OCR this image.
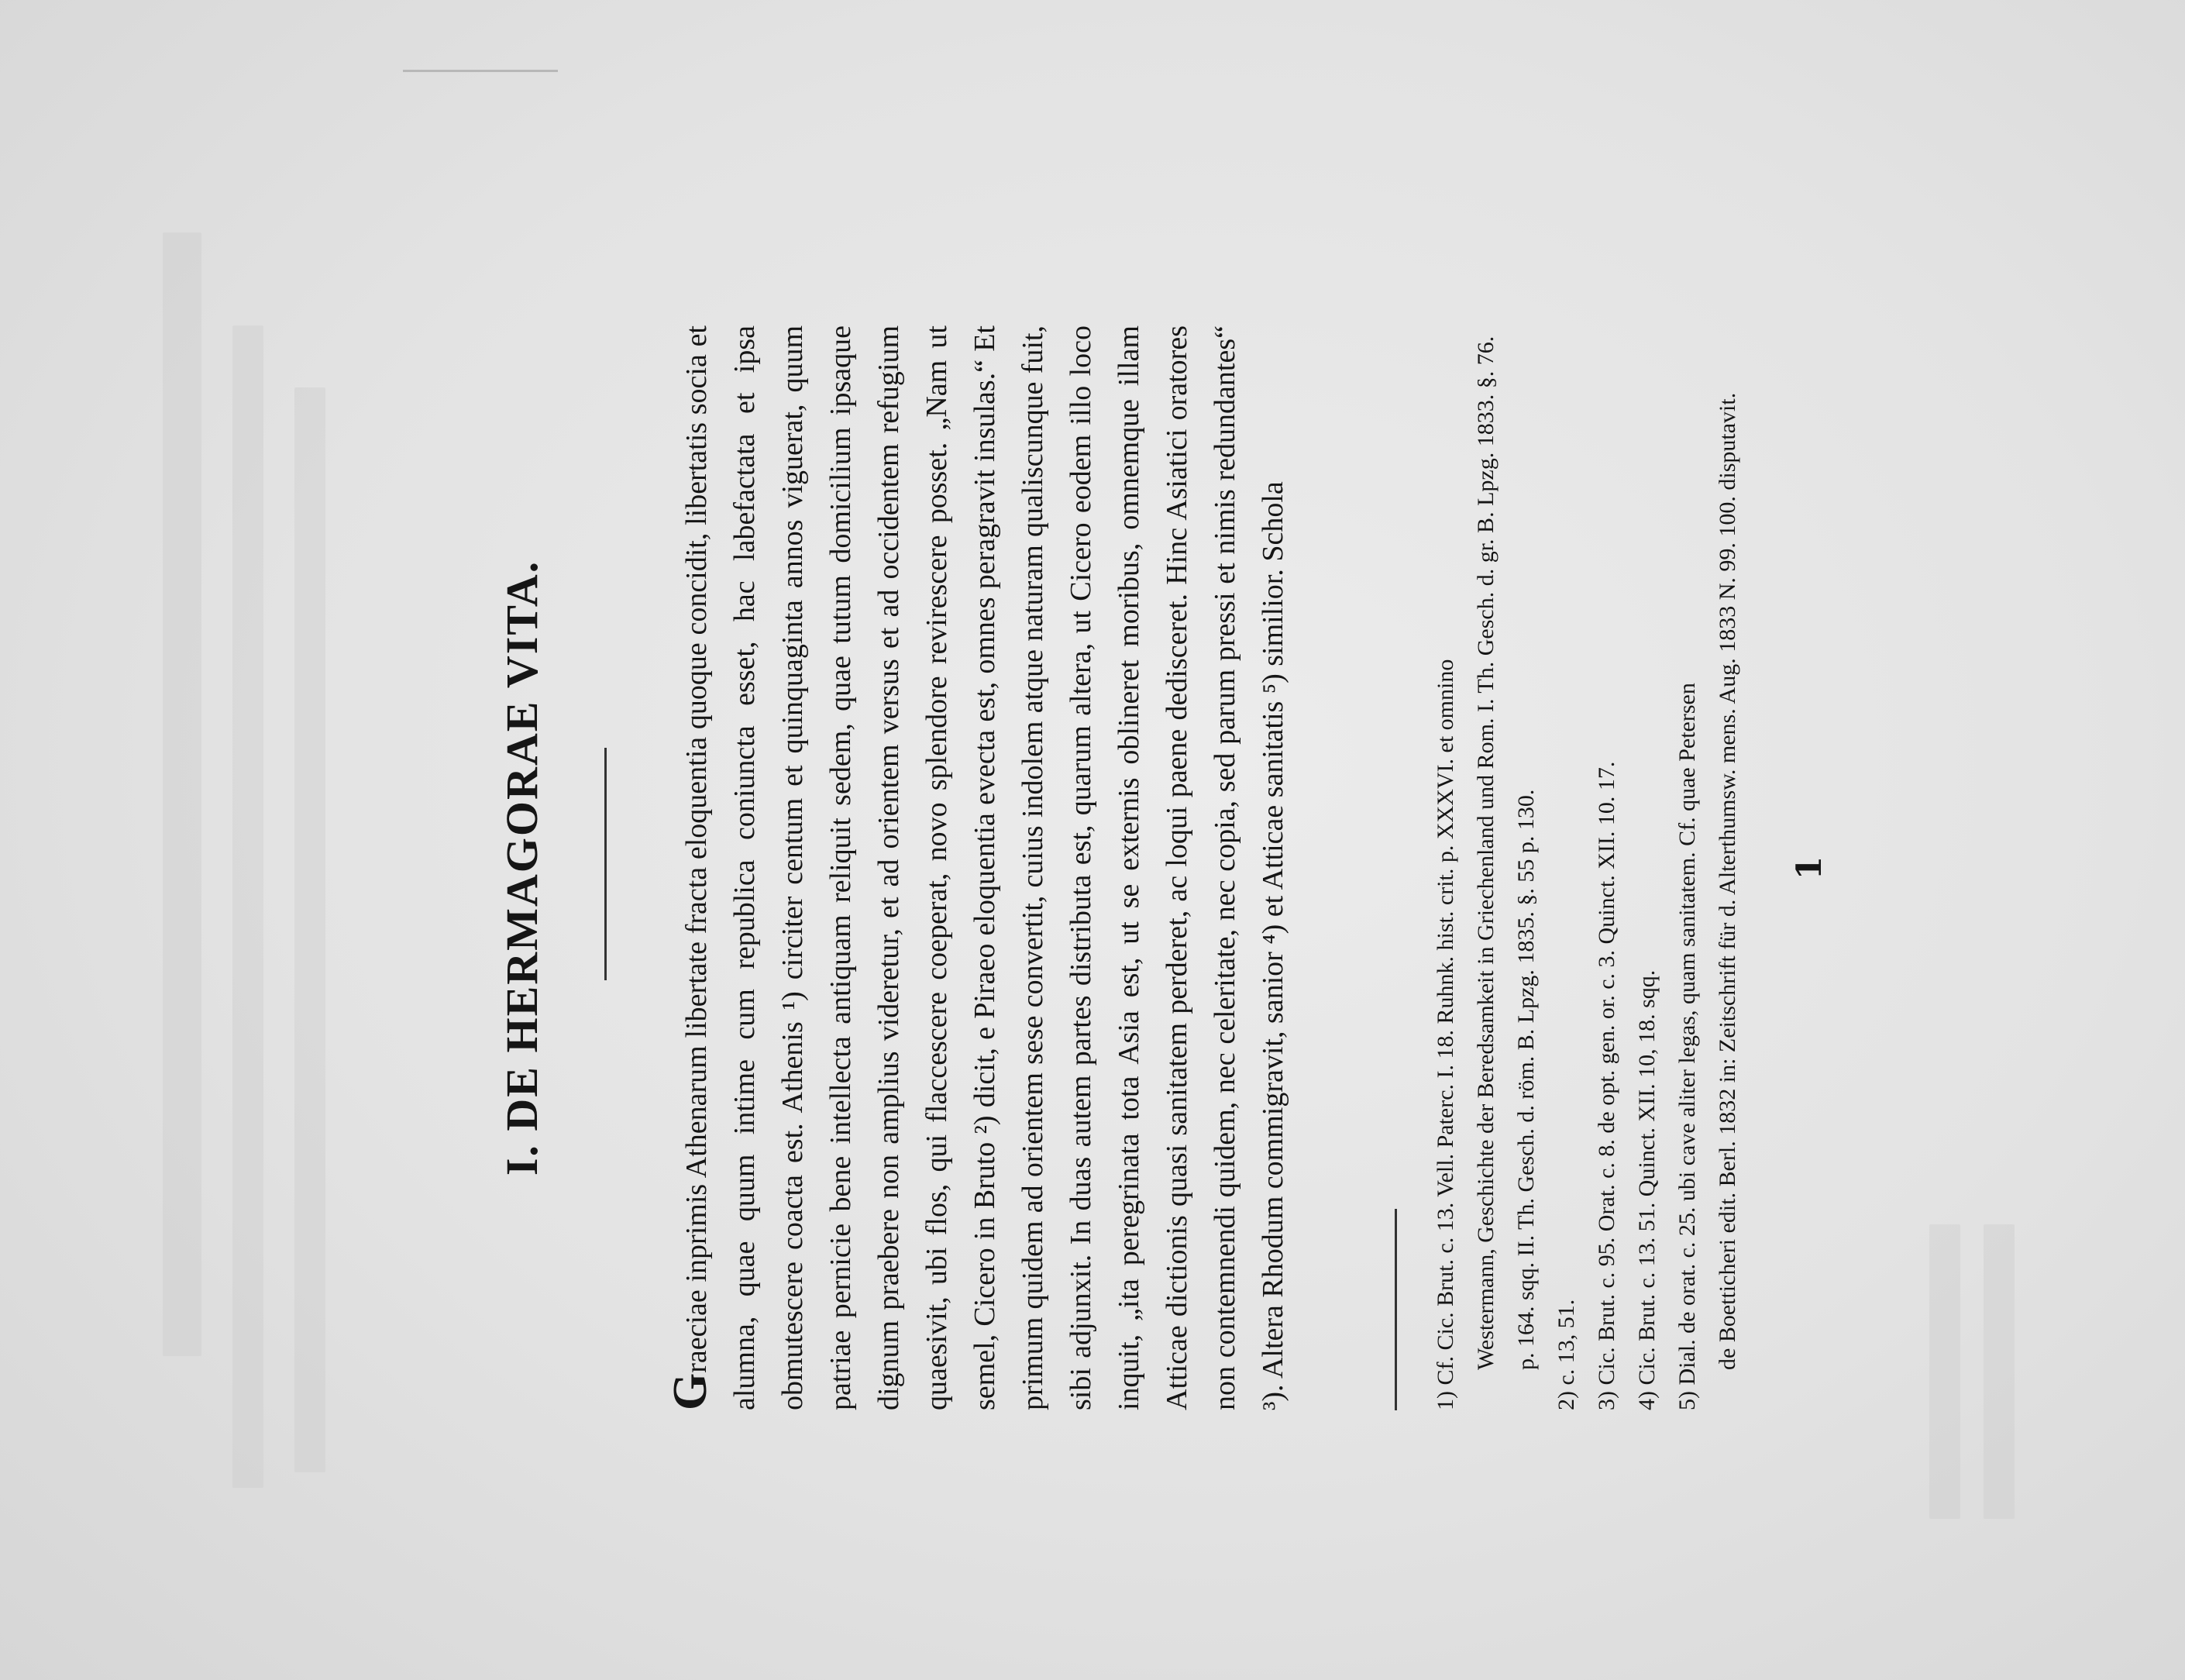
I. DE HERMAGORAE VITA.
Graeciae inprimis Athenarum libertate fracta eloquentia quoque concidit, libertatis socia et alumna, quae quum intime cum republica coniuncta esset, hac labefactata et ipsa obmutescere coacta est. Athenis ¹) circiter centum et quinquaginta annos viguerat, quum patriae pernicie bene intellecta antiquam reliquit sedem, quae tutum domicilium ipsaque dignum praebere non amplius videretur, et ad orientem versus et ad occidentem refugium quaesivit, ubi flos, qui flaccescere coeperat, novo splendore revirescere posset. „Nam ut semel, Cicero in Bruto ²) dicit, e Piraeo eloquentia evecta est, omnes peragravit insulas.“ Et primum quidem ad orientem sese convertit, cuius indolem atque naturam qualiscunque fuit, sibi adjunxit. In duas autem partes distributa est, quarum altera, ut Cicero eodem illo loco inquit, „ita peregrinata tota Asia est, ut se externis oblineret moribus, omnemque illam Atticae dictionis quasi sanitatem perderet, ac loqui paene dedisceret. Hinc Asiatici oratores non contemnendi quidem, nec celeritate, nec copia, sed parum pressi et nimis redundantes“ ³). Altera Rhodum commigravit, sanior ⁴) et Atticae sanitatis ⁵) similior. Schola	1) Cf. Cic. Brut. c. 13. Vell. Paterc. I. 18. Ruhnk. hist. crit. p. XXXVI. et omnino Westermann, Geschichte der Beredsamkeit in Griechenland und Rom. I. Th. Gesch. d. gr. B. Lpzg. 1833. §. 76. p. 164. sqq. II. Th. Gesch. d. röm. B. Lpzg. 1835. §. 55 p. 130. 2) c. 13, 51. 3) Cic. Brut. c. 95. Orat. c. 8. de opt. gen. or. c. 3. Quinct. XII. 10. 17. 4) Cic. Brut. c. 13. 51. Quinct. XII. 10, 18. sqq. 5) Dial. de orat. c. 25. ubi cave aliter legas, quam sanitatem. Cf. quae Petersen de Boetticheri edit. Berl. 1832 in: Zeitschrift für d. Alterthumsw. mens. Aug. 1833 N. 99. 100. disputavit. 1
